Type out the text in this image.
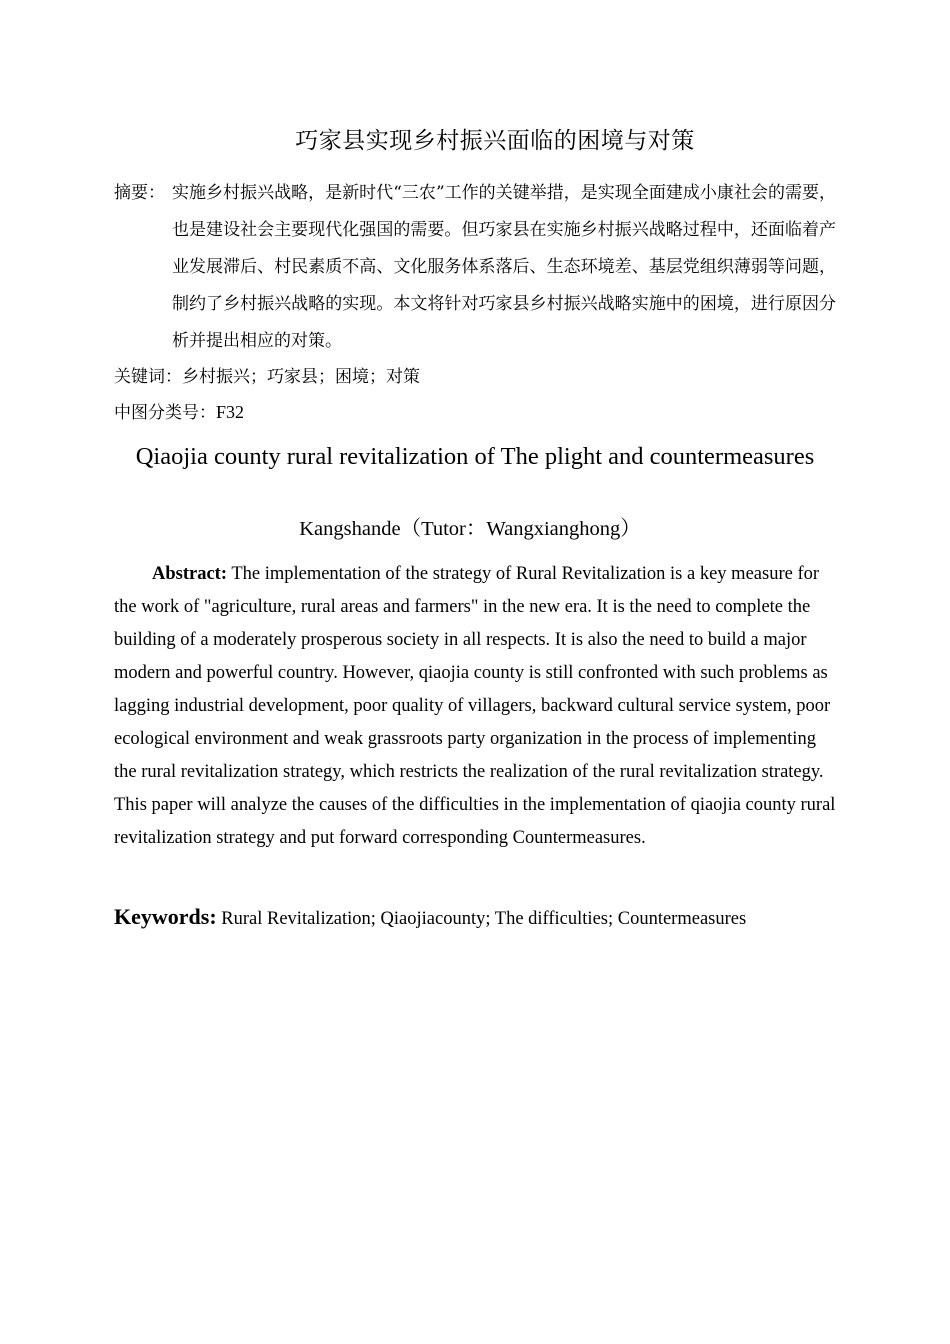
巧家县实现乡村振兴面临的困境与对策
摘要： 实施乡村振兴战略，是新时代“三农”工作的关键举措，是实现全面建成小康社会的需要，也是建设社会主要现代化强国的需要。但巧家县在实施乡村振兴战略过程中，还面临着产业发展滞后、村民素质不高、文化服务体系落后、生态环境差、基层党组织薄弱等问题，制约了乡村振兴战略的实现。本文将针对巧家县乡村振兴战略实施中的困境，进行原因分析并提出相应的对策。
关键词：乡村振兴；巧家县；困境；对策
中图分类号：F32
Qiaojia county rural revitalization of The plight and countermeasures
Kangshande（Tutor：Wangxianghong）
Abstract: The implementation of the strategy of Rural Revitalization is a key measure for the work of "agriculture, rural areas and farmers" in the new era. It is the need to complete the building of a moderately prosperous society in all respects. It is also the need to build a major modern and powerful country. However, qiaojia county is still confronted with such problems as lagging industrial development, poor quality of villagers, backward cultural service system, poor ecological environment and weak grassroots party organization in the process of implementing the rural revitalization strategy, which restricts the realization of the rural revitalization strategy. This paper will analyze the causes of the difficulties in the implementation of qiaojia county rural revitalization strategy and put forward corresponding Countermeasures.
Keywords: Rural Revitalization; Qiaojiacounty; The difficulties; Countermeasures
